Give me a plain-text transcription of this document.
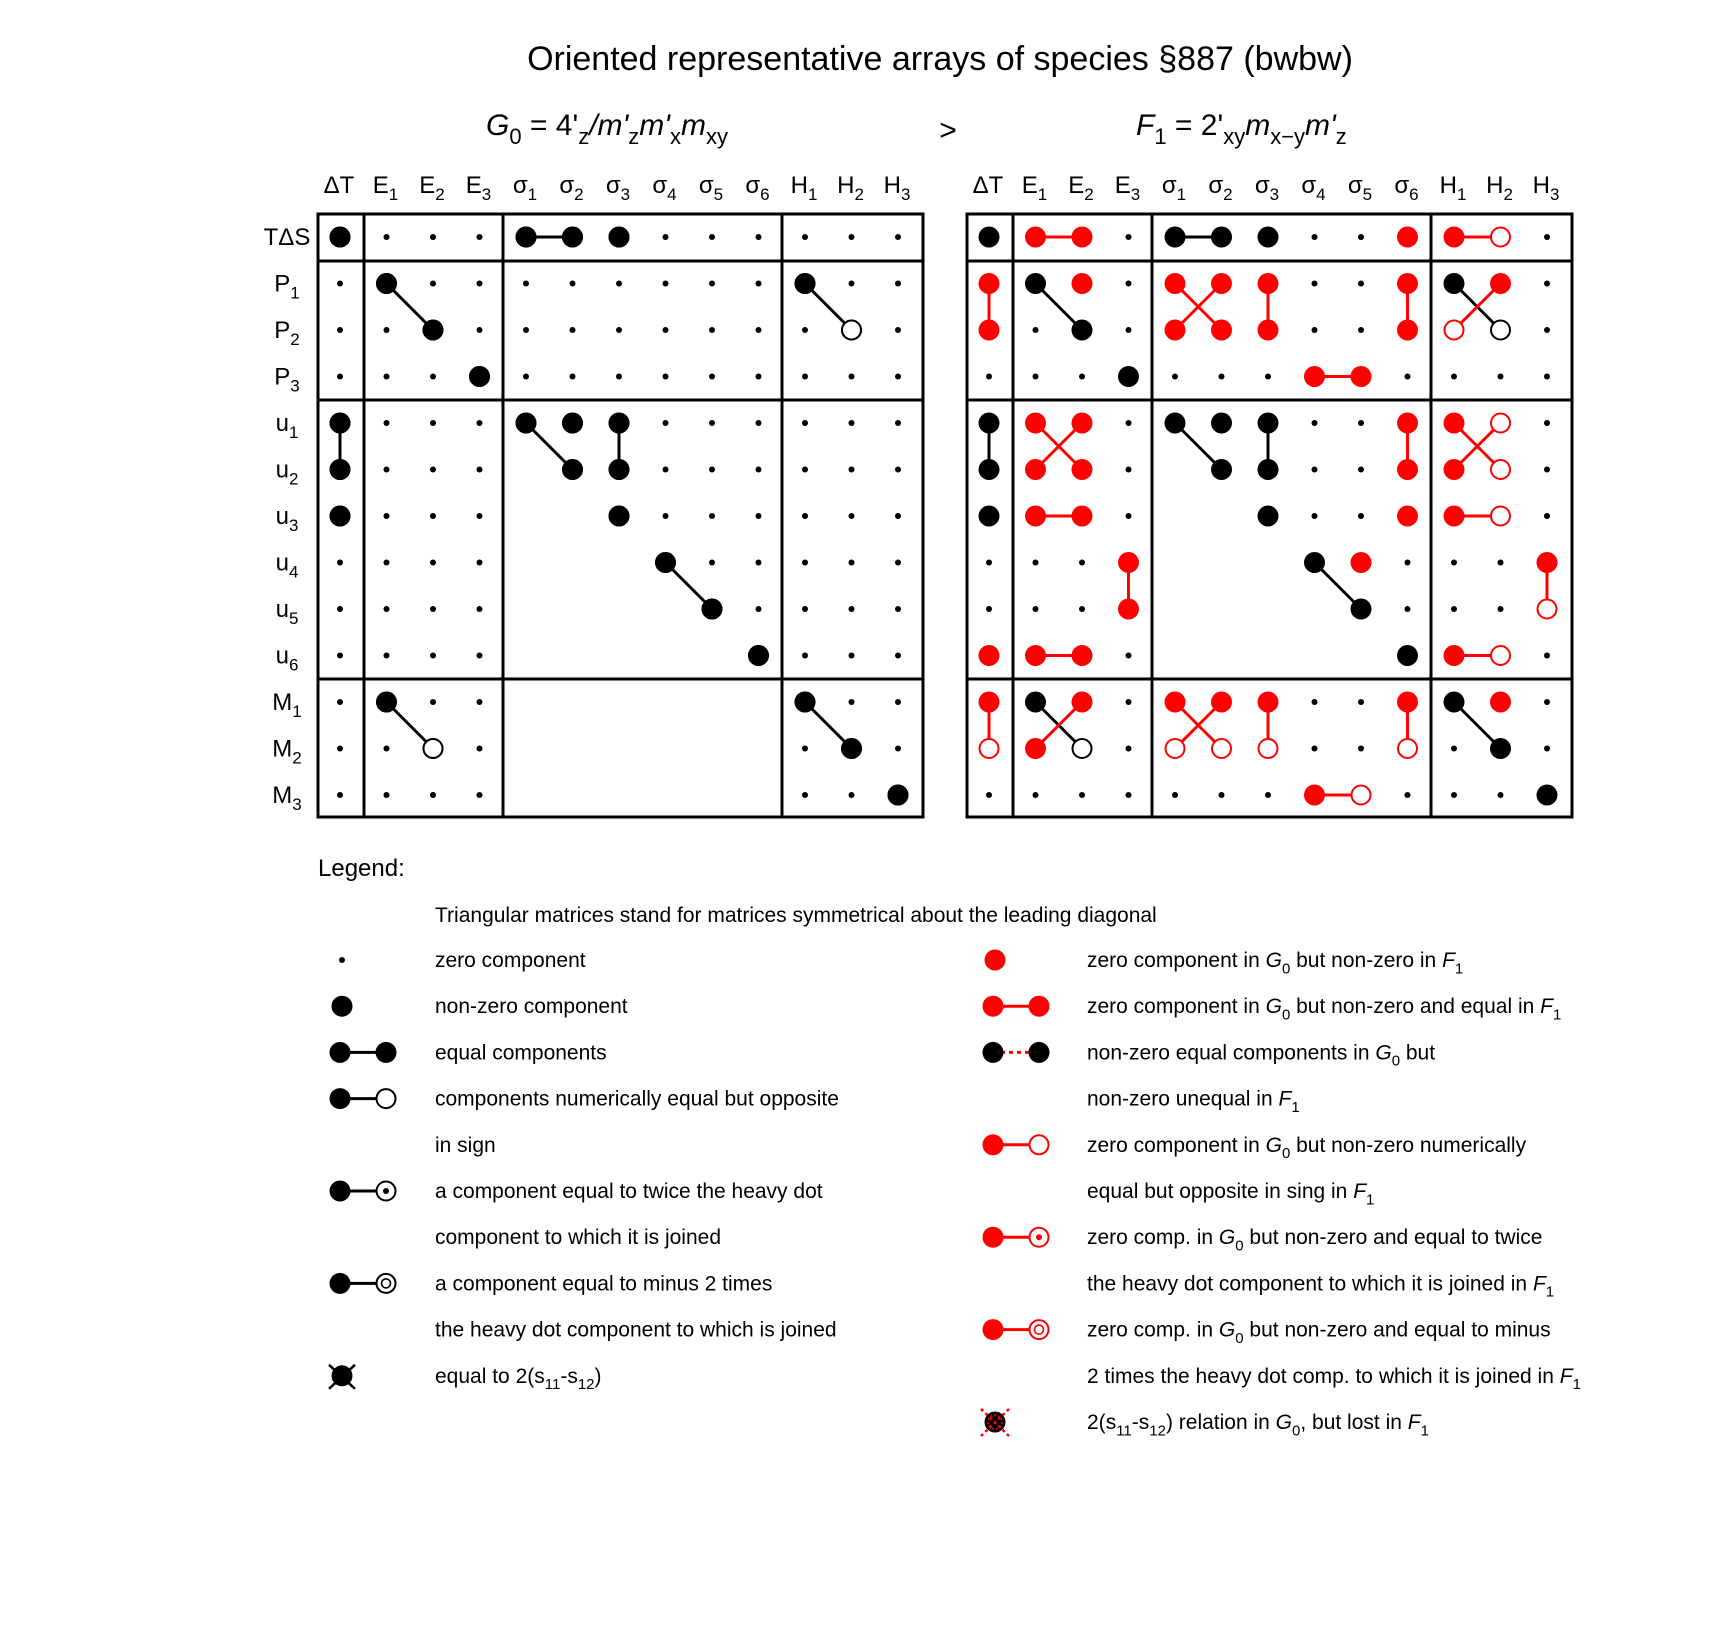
Oriented representative arrays of species §887 (bwbw)
>
$G_0 = 4'_z/m'_zm'_xm_{xy}$	$F_1 = 2'_{xy}m_{x-y}m'_z$
ΔT $E_1$ $E_2$ $E_3$ $\sigma_1$ $\sigma_2$ $\sigma_3$ $\sigma_4$ $\sigma_5$ $\sigma_6$ $H_1$ $H_2$ $H_3$	ΔT $E_1$ $E_2$ $E_3$ $\sigma_1$ $\sigma_2$ $\sigma_3$ $\sigma_4$ $\sigma_5$ $\sigma_6$ $H_1$ $H_2$ $H_3$
TΔS
$P_1$
$P_2$
$P_3$
$u_1$
$u_2$
$u_3$
$u_4$
$u_5$
$u_6$
$M_1$
$M_2$
$M_3$
Legend:
Triangular matrices stand for matrices symmetrical about the leading diagonal
zero component
non-zero component
equal components
components numerically equal but opposite
in sign
a component equal to twice the heavy dot
component to which it is joined
a component equal to minus 2 times
the heavy dot component to which is joined
equal to $2(s_{11}-s_{12})$
zero component in $G_0$ but non-zero in $F_1$
zero component in $G_0$ but non-zero and equal in $F_1$
non-zero equal components in $G_0$ but
non-zero unequal in $F_1$
zero component in $G_0$ but non-zero numerically
equal but opposite in sing in $F_1$
zero comp. in $G_0$ but non-zero and equal to twice
the heavy dot component to which it is joined in $F_1$
zero comp. in $G_0$ but non-zero and equal to minus
2 times the heavy dot comp. to which it is joined in $F_1$
$2(s_{11}-s_{12})$ relation in $G_0$, but lost in $F_1$
